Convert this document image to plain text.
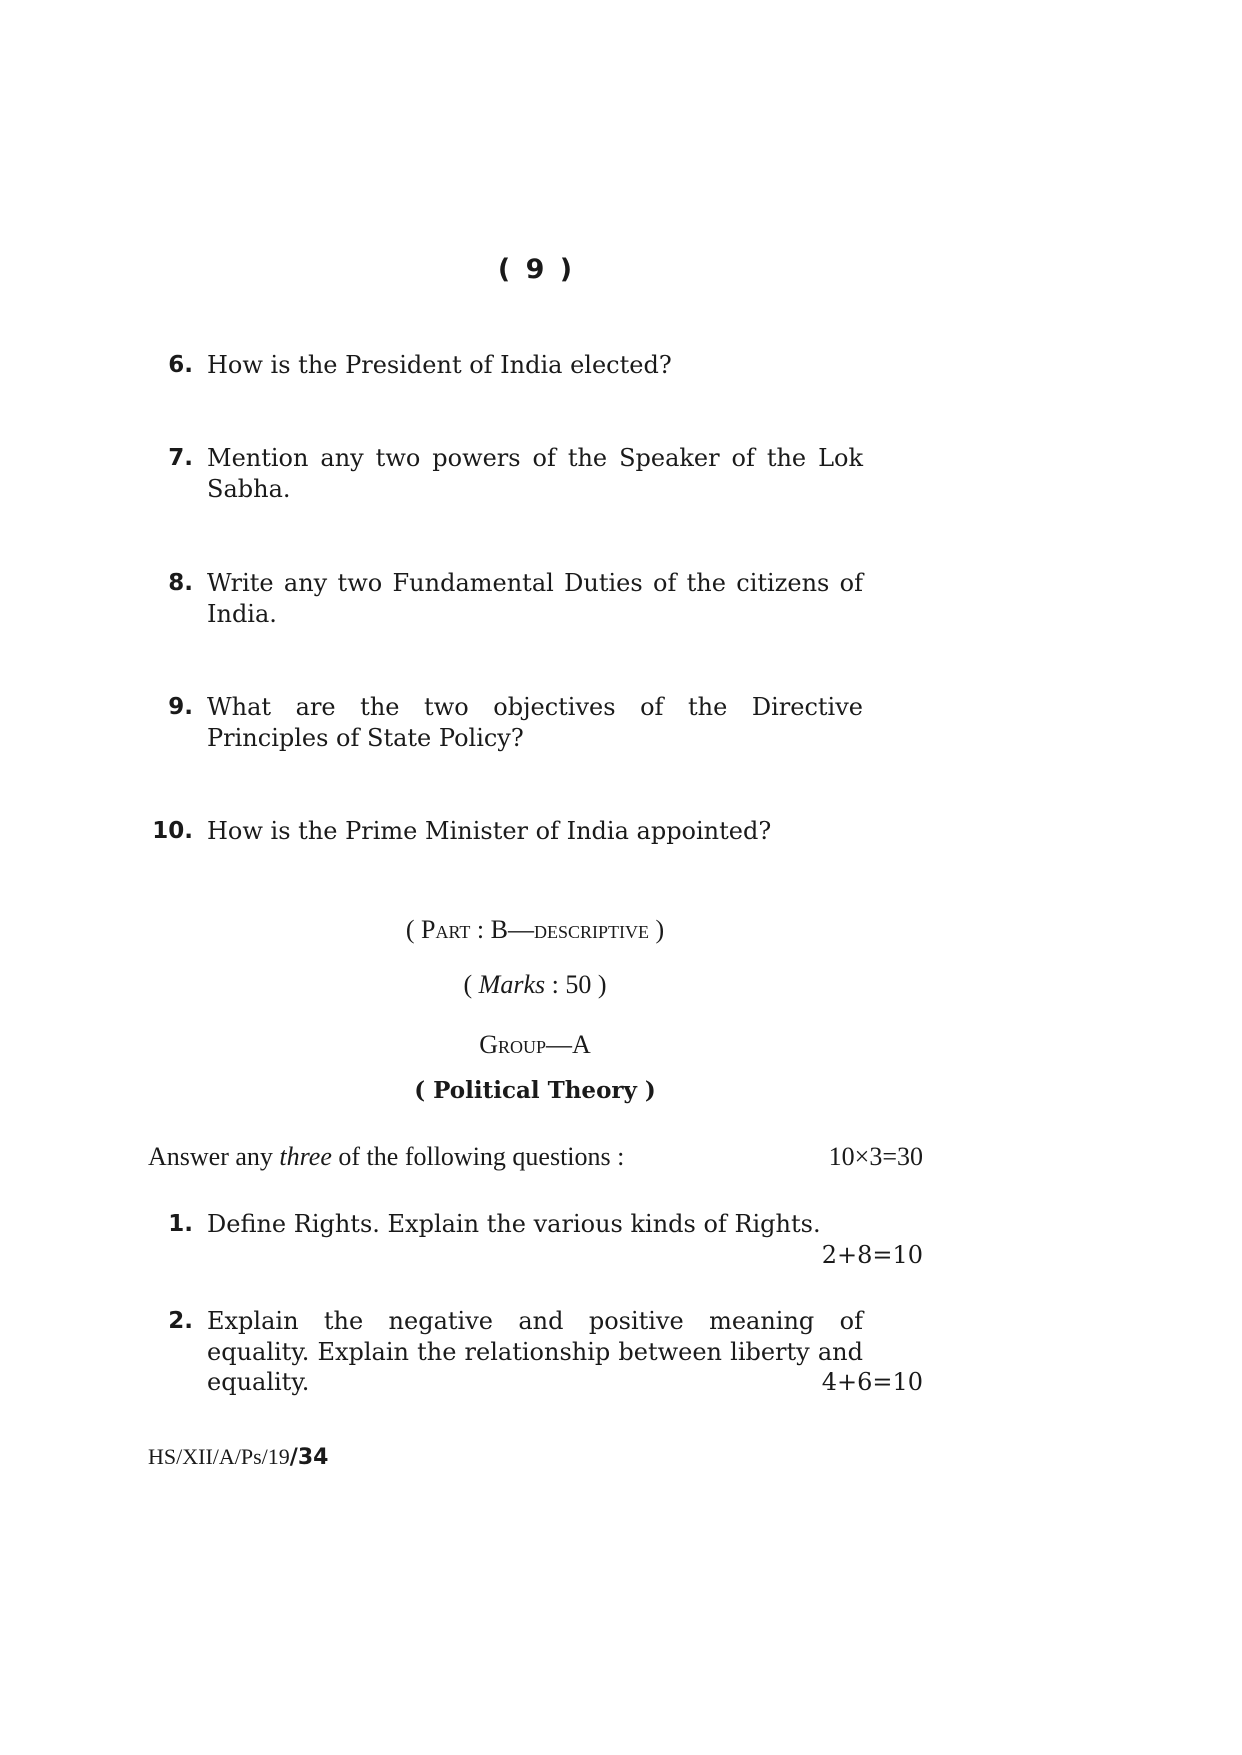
( 9 )
6. How is the President of India elected?
7. Mention any two powers of the Speaker of the Lok Sabha.
8. Write any two Fundamental Duties of the citizens of India.
9. What are the two objectives of the Directive Principles of State Policy?
10. How is the Prime Minister of India appointed?
( Part : B—descriptive )
( Marks : 50 )
Group—A
( Political Theory )
Answer any three of the following questions :	10×3=30
1. Define Rights. Explain the various kinds of Rights.
2+8=10
2. Explain the negative and positive meaning of equality. Explain the relationship between liberty and equality.	4+6=10
HS/XII/A/Ps/19/34
